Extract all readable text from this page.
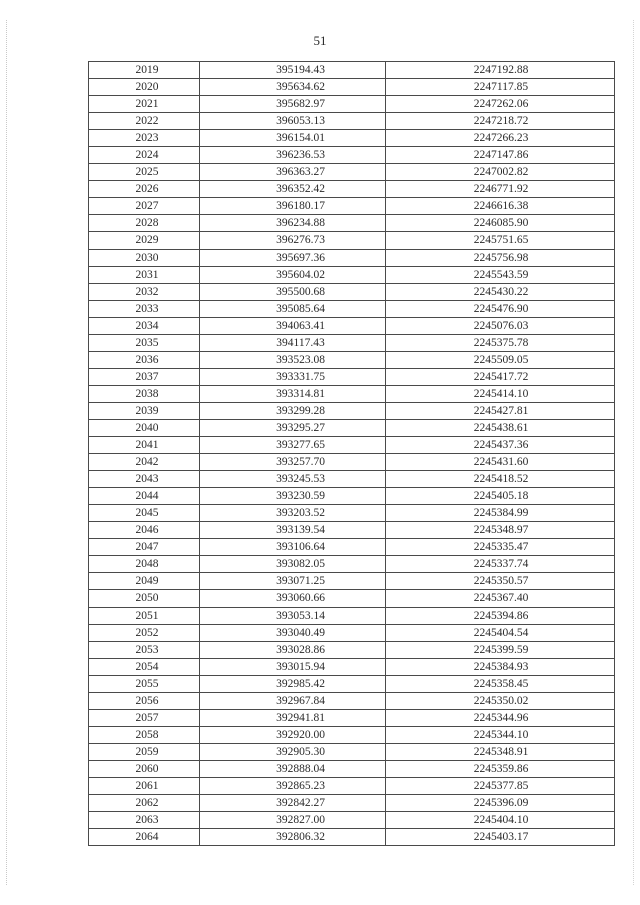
51
2019	395194.43	2247192.88
2020	395634.62	2247117.85
2021	395682.97	2247262.06
2022	396053.13	2247218.72
2023	396154.01	2247266.23
2024	396236.53	2247147.86
2025	396363.27	2247002.82
2026	396352.42	2246771.92
2027	396180.17	2246616.38
2028	396234.88	2246085.90
2029	396276.73	2245751.65
2030	395697.36	2245756.98
2031	395604.02	2245543.59
2032	395500.68	2245430.22
2033	395085.64	2245476.90
2034	394063.41	2245076.03
2035	394117.43	2245375.78
2036	393523.08	2245509.05
2037	393331.75	2245417.72
2038	393314.81	2245414.10
2039	393299.28	2245427.81
2040	393295.27	2245438.61
2041	393277.65	2245437.36
2042	393257.70	2245431.60
2043	393245.53	2245418.52
2044	393230.59	2245405.18
2045	393203.52	2245384.99
2046	393139.54	2245348.97
2047	393106.64	2245335.47
2048	393082.05	2245337.74
2049	393071.25	2245350.57
2050	393060.66	2245367.40
2051	393053.14	2245394.86
2052	393040.49	2245404.54
2053	393028.86	2245399.59
2054	393015.94	2245384.93
2055	392985.42	2245358.45
2056	392967.84	2245350.02
2057	392941.81	2245344.96
2058	392920.00	2245344.10
2059	392905.30	2245348.91
2060	392888.04	2245359.86
2061	392865.23	2245377.85
2062	392842.27	2245396.09
2063	392827.00	2245404.10
2064	392806.32	2245403.17
